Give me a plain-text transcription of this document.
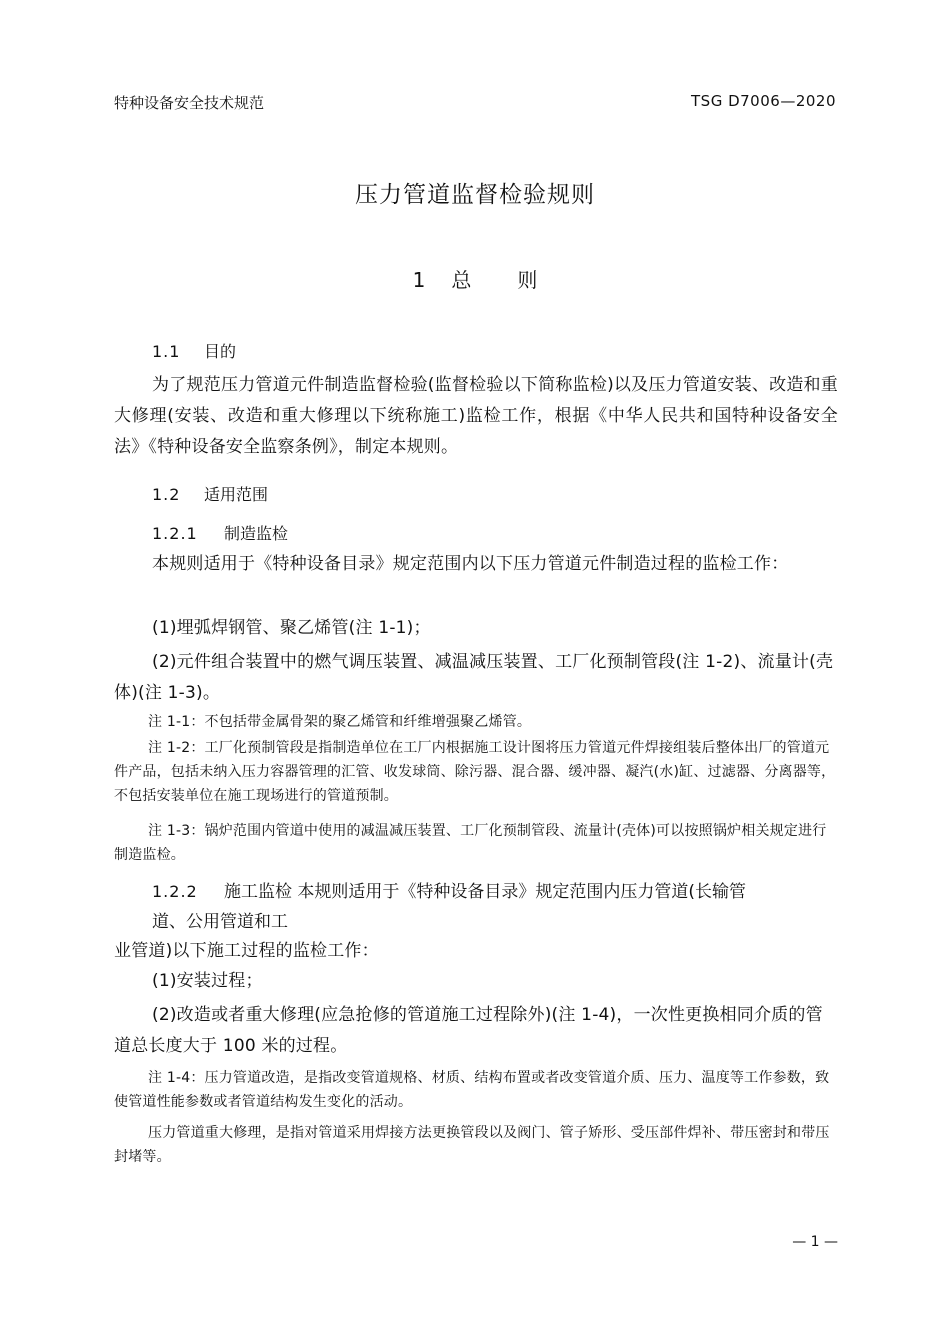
特种设备安全技术规范	TSG D7006—2020
压力管道监督检验规则
1 总 则
1.1 目的
为了规范压力管道元件制造监督检验(监督检验以下简称监检)以及压力管道安装、改造和重大修理(安装、改造和重大修理以下统称施工)监检工作，根据《中华人民共和国特种设备安全法》《特种设备安全监察条例》，制定本规则。
1.2 适用范围
1.2.1 制造监检
本规则适用于《特种设备目录》规定范围内以下压力管道元件制造过程的监检工作：
(1)埋弧焊钢管、聚乙烯管(注 1-1)；
(2)元件组合装置中的燃气调压装置、减温减压装置、工厂化预制管段(注 1-2)、流量计(壳体)(注 1-3)。
注 1-1：不包括带金属骨架的聚乙烯管和纤维增强聚乙烯管。
注 1-2：工厂化预制管段是指制造单位在工厂内根据施工设计图将压力管道元件焊接组装后整体出厂的管道元件产品，包括未纳入压力容器管理的汇管、收发球筒、除污器、混合器、缓冲器、凝汽(水)缸、过滤器、分离器等，不包括安装单位在施工现场进行的管道预制。
注 1-3：锅炉范围内管道中使用的减温减压装置、工厂化预制管段、流量计(壳体)可以按照锅炉相关规定进行制造监检。
1.2.2 施工监检 本规则适用于《特种设备目录》规定范围内压力管道(长输管
道、公用管道和工
业管道)以下施工过程的监检工作：
(1)安装过程；
(2)改造或者重大修理(应急抢修的管道施工过程除外)(注 1-4)，一次性更换相同介质的管道总长度大于 100 米的过程。
注 1-4：压力管道改造，是指改变管道规格、材质、结构布置或者改变管道介质、压力、温度等工作参数，致使管道性能参数或者管道结构发生变化的活动。
压力管道重大修理，是指对管道采用焊接方法更换管段以及阀门、管子矫形、受压部件焊补、带压密封和带压封堵等。
— 1 —
